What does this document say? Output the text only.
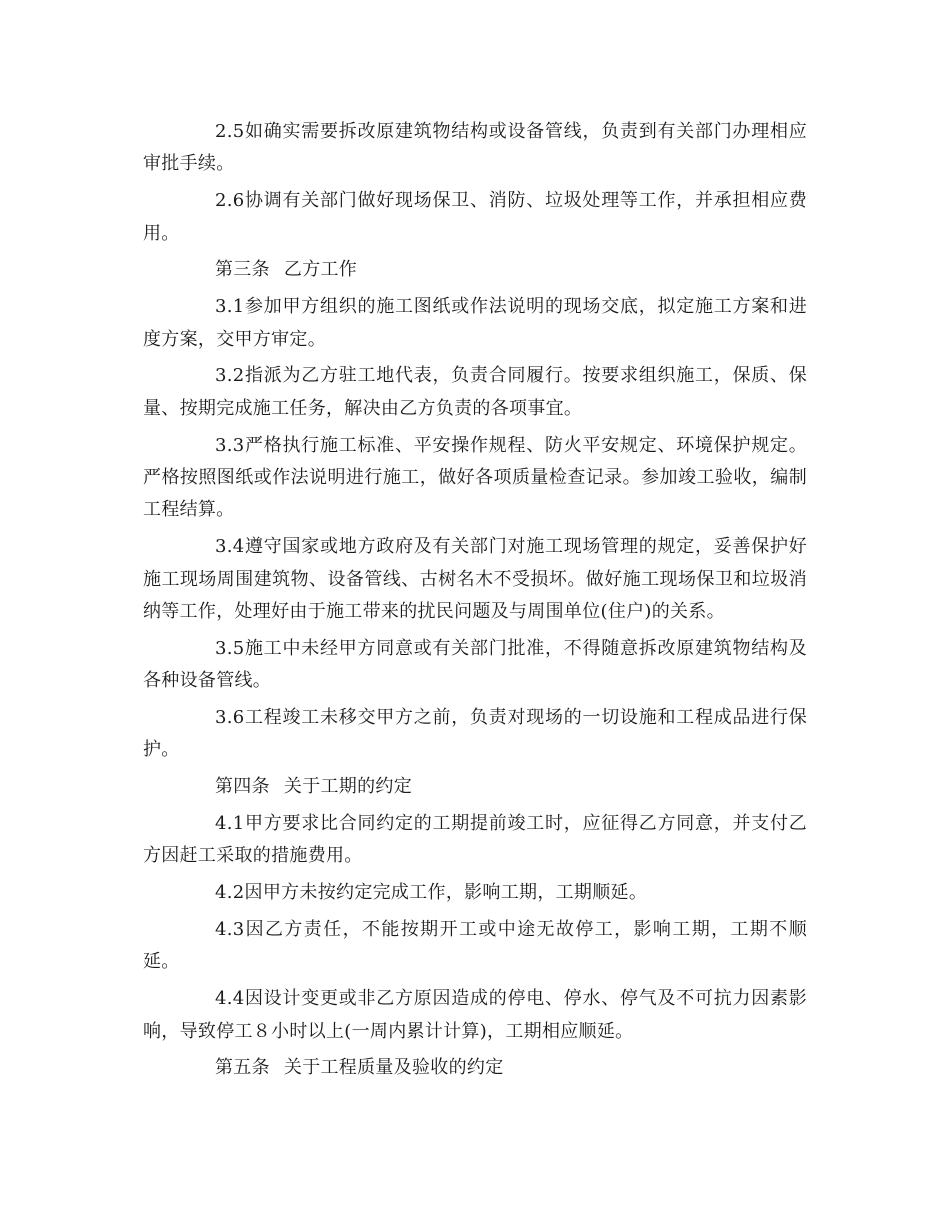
2.5如确实需要拆改原建筑物结构或设备管线，负责到有关部门办理相应审批手续。

2.6协调有关部门做好现场保卫、消防、垃圾处理等工作，并承担相应费用。

第三条 乙方工作

3.1参加甲方组织的施工图纸或作法说明的现场交底，拟定施工方案和进度方案，交甲方审定。

3.2指派为乙方驻工地代表，负责合同履行。按要求组织施工，保质、保量、按期完成施工任务，解决由乙方负责的各项事宜。

3.3严格执行施工标准、平安操作规程、防火平安规定、环境保护规定。严格按照图纸或作法说明进行施工，做好各项质量检查记录。参加竣工验收，编制工程结算。

3.4遵守国家或地方政府及有关部门对施工现场管理的规定，妥善保护好施工现场周围建筑物、设备管线、古树名木不受损坏。做好施工现场保卫和垃圾消纳等工作，处理好由于施工带来的扰民问题及与周围单位(住户)的关系。

3.5施工中未经甲方同意或有关部门批准，不得随意拆改原建筑物结构及各种设备管线。

3.6工程竣工未移交甲方之前，负责对现场的一切设施和工程成品进行保护。

第四条 关于工期的约定

4.1甲方要求比合同约定的工期提前竣工时，应征得乙方同意，并支付乙方因赶工采取的措施费用。

4.2因甲方未按约定完成工作，影响工期，工期顺延。

4.3因乙方责任，不能按期开工或中途无故停工，影响工期，工期不顺延。

4.4因设计变更或非乙方原因造成的停电、停水、停气及不可抗力因素影响，导致停工８小时以上(一周内累计计算)，工期相应顺延。

第五条 关于工程质量及验收的约定
